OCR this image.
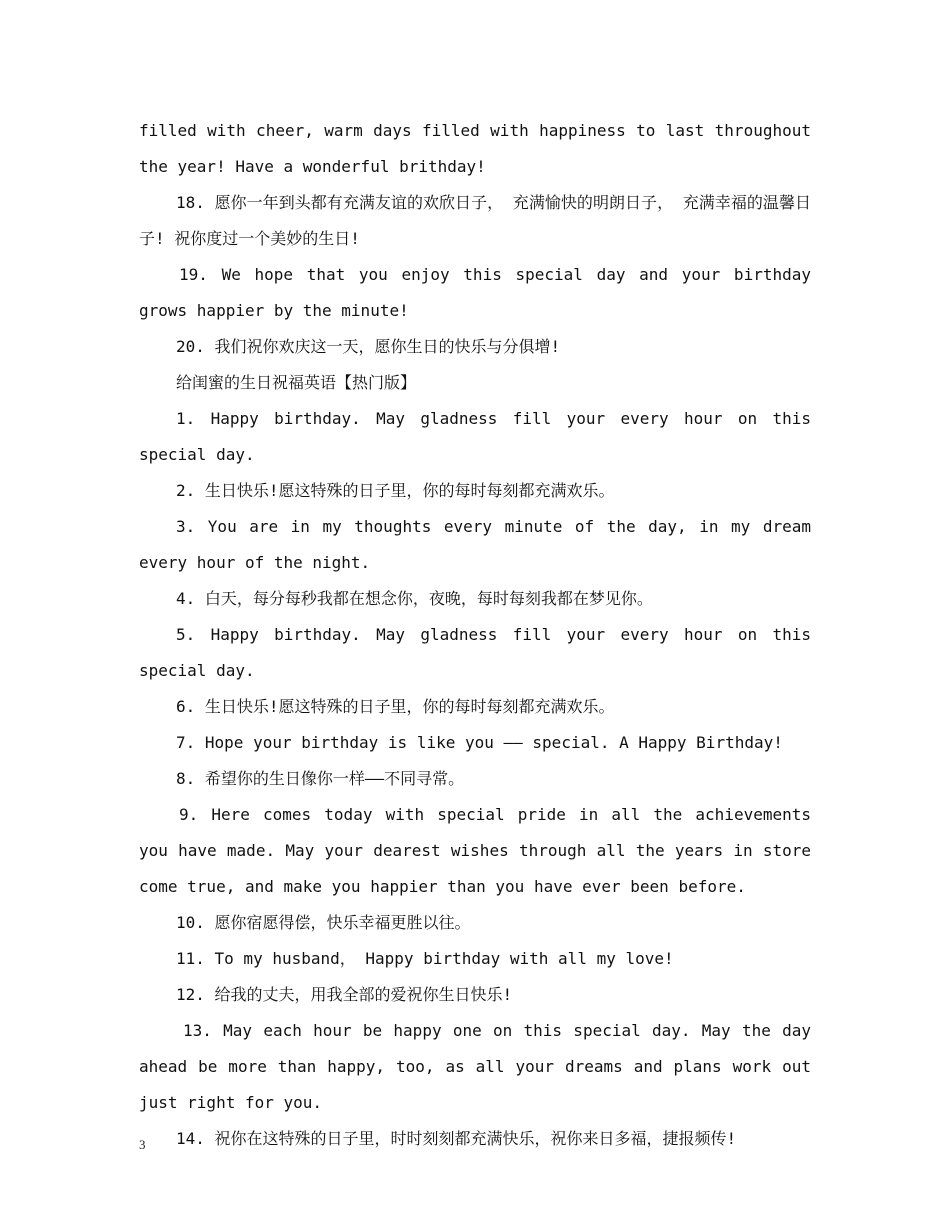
filled with cheer, warm days filled with happiness to last throughout the year! Have a wonderful brithday!

18. 愿你一年到头都有充满友谊的欢欣日子， 充满愉快的明朗日子， 充满幸福的温馨日子! 祝你度过一个美妙的生日!

19. We hope that you enjoy this special day and your birthday grows happier by the minute!

20. 我们祝你欢庆这一天，愿你生日的快乐与分俱增!

给闺蜜的生日祝福英语【热门版】

1. Happy birthday. May gladness fill your every hour on this special day.

2. 生日快乐!愿这特殊的日子里，你的每时每刻都充满欢乐。

3. You are in my thoughts every minute of the day, in my dream every hour of the night.

4. 白天，每分每秒我都在想念你，夜晚，每时每刻我都在梦见你。

5. Happy birthday. May gladness fill your every hour on this special day.

6. 生日快乐!愿这特殊的日子里，你的每时每刻都充满欢乐。

7. Hope your birthday is like you —— special. A Happy Birthday!

8. 希望你的生日像你一样——不同寻常。

9. Here comes today with special pride in all the achievements you have made. May your dearest wishes through all the years in store come true, and make you happier than you have ever been before.

10. 愿你宿愿得偿，快乐幸福更胜以往。

11. To my husband， Happy birthday with all my love!

12. 给我的丈夫，用我全部的爱祝你生日快乐!

13. May each hour be happy one on this special day. May the day ahead be more than happy, too, as all your dreams and plans work out just right for you.

14. 祝你在这特殊的日子里，时时刻刻都充满快乐，祝你来日多福，捷报频传!

3
